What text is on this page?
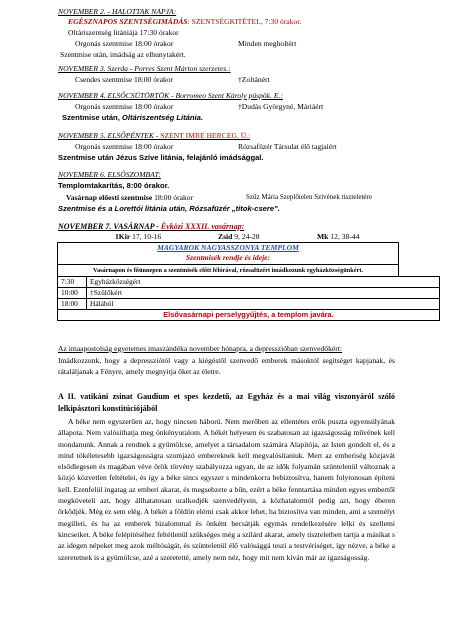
NOVEMBER 2. - HALOTTAK NAPJA:
EGÉSZNAPOS SZENTSÉGIMÁDÁS: SZENTSÉGKITÉTEL, 7:30 órakor.
Oltáriszentség litániája 17:30 órakor
Orgonás szentmise 18:00 órakor	Minden megholtért
Szentmise után, imádság az elhunytakért.
NOVEMBER 3. Szerda - Porres Szent Márton szerzetes.:
Csendes szentmise 18:00 órakor	†Zoltánért
NOVEMBER 4. ELSŐCSÜTÖRTÖK - Borromeo Szent Károly püspök. E.:
Orgonás szentmise 18:00 órakor	†Dudás Györgyné, Máriáért
Szentmise után, Oltáriszentség Litánia.
NOVEMBER 5. ELSŐPÉNTEK - SZENT IMRE HERCEG. Ü.:
Orgonás szentmise 18:00 órakor	Rózsafüzér Társulat élő tagjaiért
Szentmise után Jézus Szíve litánia, felajánló imádsággal.
NOVEMBER 6. ELSŐSZOMBAT:
Templomtakarítás, 8:00 órakor.
Vasárnap előesti szentmise 18:00 órakor	Szűz Mária Szeplőtelen Szívének tiszteletére
Szentmise és a Lorettói litánia után, Rózsafüzér „titok-csere".
NOVEMBER 7. VASÁRNAP - Évközi XXXII. vasárnap:
1Kir 17, 10-16	Zsid 9, 24-28	Mk 12, 38-44
MAGYAROK NAGYASSZONYA TEMPLOM
Szentmisék rendje és ideje:
Vasárnapon és főünnepen a szentmisék előtt félórával, rózsafüzért imádkozunk egyházközségünkért.
7:30	Egyházközségért
10:00	†Szülőkért
18:00	Hálából
Elsővasárnapi perselygyűjtés, a templom javára.	
Az imaapostolság egyetemes imaszándéka november hónapra, a depresszióban szenvedőkért:
Imádkozzunk, hogy a depressziótól vagy a kiégéstől szenvedő emberek másoktól segítséget kapjanak, és rátaláljanak a Fényre, amely megnyitja őket az életre.
A II. vatikáni zsinat Gaudium et spes kezdetű, az Egyház és a mai világ viszonyáról szóló lelkipásztori konstitúciójából
A béke nem egyszerűen az, hogy nincsen háború. Nem merőben az ellentétes erők puszta egyensúlyának állapota. Nem valósíthatja meg önkényuralom. A békét helyesen és szabatosan az igazságosság művének kell mondanunk. Annak a rendnek a gyümölcse, amelyet a társadalom számára Alapítója, az Isten gondolt el, és a mind tökéletesebb igazságosságra szomjazó embereknek kell megvalósítaniuk. Mert az emberiség közjavát elsődlegesen és magában véve örök törvény szabályozza ugyan, de az idők folyamán szüntelenül változnak a közjó közvetlen feltételei, és így a béke sincs egyszer s mindenkorra bebiztosítva, hanem folytonosan építeni kell. Ezenfelül ingatag az emberi akarat, és megsebzete a bűn, ezért a béke fenntartása minden egyes embertől megköveteli azt, hogy állhatatosan uralkodjék szenvedélyein, a közhatalomtól pedig azt, hogy éberen őrködjék. Még ez sem elég. A békét a földön elérni csak akkor lehet, ha biztosítva van minden, ami a személyt megilleti, és ha az emberek bizalommal és önként becsátják egymás rendelkezésére lelki és szellemi kincseiket. A béke felépítéséhez feltétlenül szükséges még a szilárd akarat, amely tiszteletben tartja a másikat s az idegen népeket meg azok méltóságát, és szüntelenül élő valósággá teszi a testvériséget, így nézve, a béke a szeretetnek is a gyümölcse, azé a szeretetté, amely nem néz, hogy mit nem kíván már az igazságosság.
